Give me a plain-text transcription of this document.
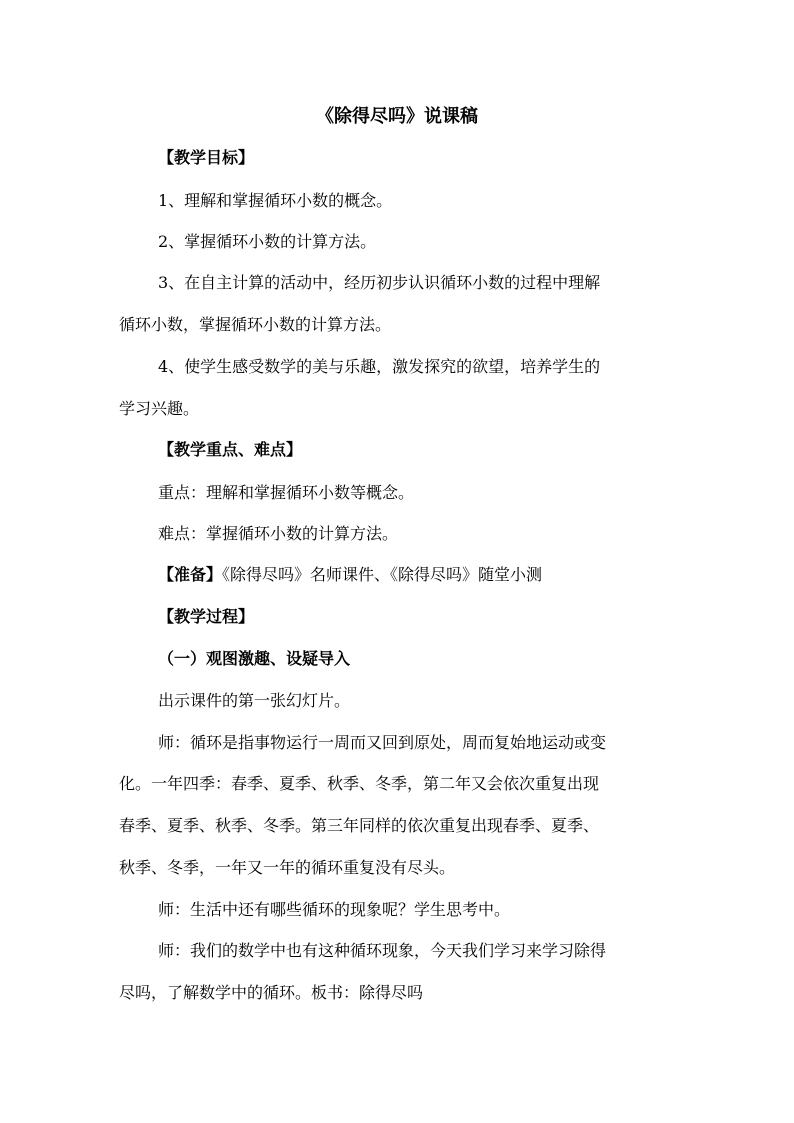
《除得尽吗》说课稿
【教学目标】
1、理解和掌握循环小数的概念。
2、掌握循环小数的计算方法。
3、在自主计算的活动中，经历初步认识循环小数的过程中理解
循环小数，掌握循环小数的计算方法。
4、使学生感受数学的美与乐趣，激发探究的欲望，培养学生的
学习兴趣。
【教学重点、难点】
重点：理解和掌握循环小数等概念。
难点：掌握循环小数的计算方法。
【准备】《除得尽吗》名师课件、《除得尽吗》随堂小测
【教学过程】
（一）观图激趣、设疑导入
出示课件的第一张幻灯片。
师：循环是指事物运行一周而又回到原处，周而复始地运动或变
化。一年四季：春季、夏季、秋季、冬季，第二年又会依次重复出现
春季、夏季、秋季、冬季。第三年同样的依次重复出现春季、夏季、
秋季、冬季，一年又一年的循环重复没有尽头。
师：生活中还有哪些循环的现象呢？学生思考中。
师：我们的数学中也有这种循环现象，今天我们学习来学习除得
尽吗，了解数学中的循环。板书：除得尽吗
